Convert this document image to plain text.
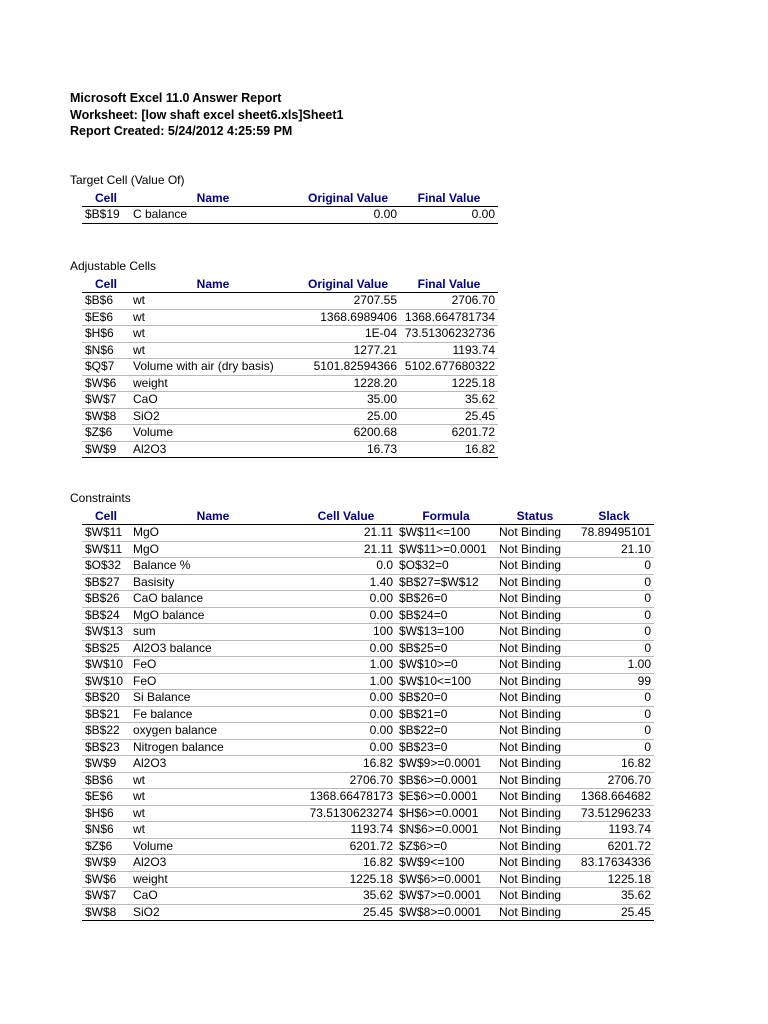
Microsoft Excel 11.0 Answer Report
Worksheet: [low shaft excel sheet6.xls]Sheet1
Report Created: 5/24/2012 4:25:59 PM
Target Cell (Value Of)
Cell	Name	Original Value	Final Value
$B$19	C balance	0.00	0.00
Adjustable Cells
Cell	Name	Original Value	Final Value
$B$6	wt	2707.55	2706.70
$E$6	wt	1368.6989406	1368.664781734
$H$6	wt	1E-04	73.51306232736
$N$6	wt	1277.21	1193.74
$Q$7	Volume with air (dry basis)	5101.82594366	5102.677680322
$W$6	weight	1228.20	1225.18
$W$7	CaO	35.00	35.62
$W$8	SiO2	25.00	25.45
$Z$6	Volume	6200.68	6201.72
$W$9	Al2O3	16.73	16.82
Constraints
Cell	Name	Cell Value	Formula	Status	Slack
$W$11	MgO	21.11	$W$11<=100	Not Binding	78.89495101
$W$11	MgO	21.11	$W$11>=0.0001	Not Binding	21.10
$O$32	Balance %	0.0	$O$32=0	Not Binding	0
$B$27	Basisity	1.40	$B$27=$W$12	Not Binding	0
$B$26	CaO balance	0.00	$B$26=0	Not Binding	0
$B$24	MgO balance	0.00	$B$24=0	Not Binding	0
$W$13	sum	100	$W$13=100	Not Binding	0
$B$25	Al2O3 balance	0.00	$B$25=0	Not Binding	0
$W$10	FeO	1.00	$W$10>=0	Not Binding	1.00
$W$10	FeO	1.00	$W$10<=100	Not Binding	99
$B$20	Si Balance	0.00	$B$20=0	Not Binding	0
$B$21	Fe balance	0.00	$B$21=0	Not Binding	0
$B$22	oxygen balance	0.00	$B$22=0	Not Binding	0
$B$23	Nitrogen balance	0.00	$B$23=0	Not Binding	0
$W$9	Al2O3	16.82	$W$9>=0.0001	Not Binding	16.82
$B$6	wt	2706.70	$B$6>=0.0001	Not Binding	2706.70
$E$6	wt	1368.66478173	$E$6>=0.0001	Not Binding	1368.664682
$H$6	wt	73.5130623274	$H$6>=0.0001	Not Binding	73.51296233
$N$6	wt	1193.74	$N$6>=0.0001	Not Binding	1193.74
$Z$6	Volume	6201.72	$Z$6>=0	Not Binding	6201.72
$W$9	Al2O3	16.82	$W$9<=100	Not Binding	83.17634336
$W$6	weight	1225.18	$W$6>=0.0001	Not Binding	1225.18
$W$7	CaO	35.62	$W$7>=0.0001	Not Binding	35.62
$W$8	SiO2	25.45	$W$8>=0.0001	Not Binding	25.45
